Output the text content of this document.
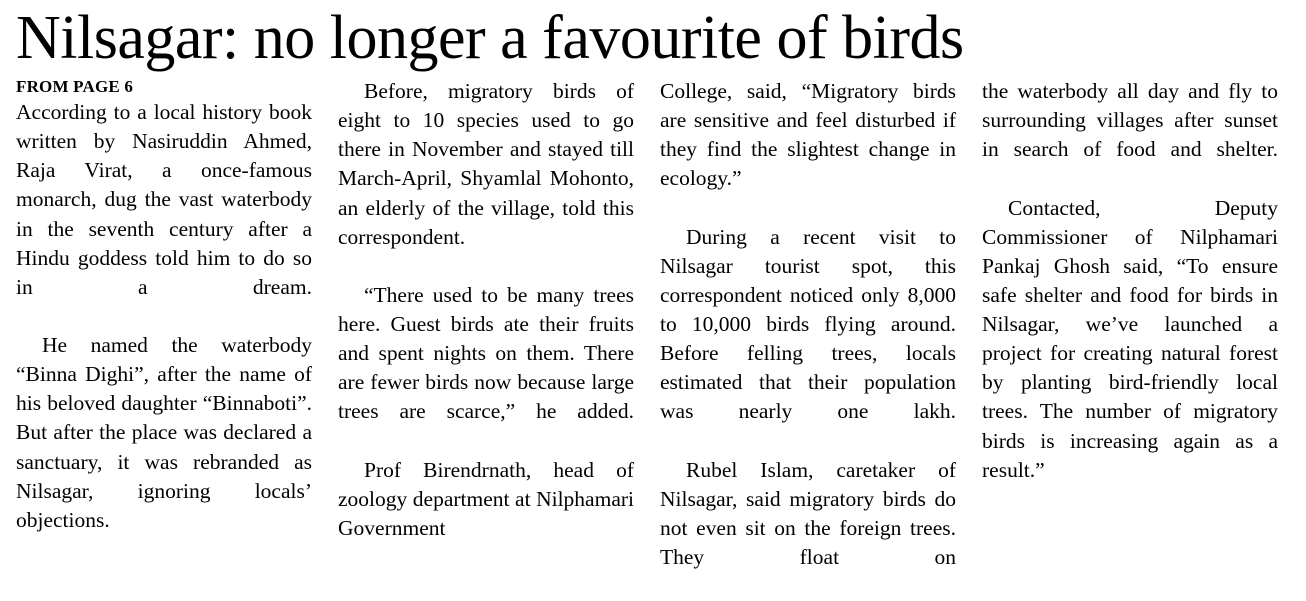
Nilsagar: no longer a favourite of birds
FROM PAGE 6

According to a local history book written by Nasiruddin Ahmed, Raja Virat, a once-famous monarch, dug the vast waterbody in the seventh century after a Hindu goddess told him to do so in a dream.

He named the waterbody “Binna Dighi”, after the name of his beloved daughter “Binnaboti”. But after the place was declared a sanctuary, it was rebranded as Nilsagar, ignoring locals’ objections.

Before, migratory birds of eight to 10 species used to go there in November and stayed till March-April, Shyamlal Mohonto, an elderly of the village, told this correspondent.

“There used to be many trees here. Guest birds ate their fruits and spent nights on them. There are fewer birds now because large trees are scarce,” he added.

Prof Birendrnath, head of zoology department at Nilphamari Government

College, said, “Migratory birds are sensitive and feel disturbed if they find the slightest change in ecology.”

During a recent visit to Nilsagar tourist spot, this correspondent noticed only 8,000 to 10,000 birds flying around. Before felling trees, locals estimated that their population was nearly one lakh.

Rubel Islam, caretaker of Nilsagar, said migratory birds do not even sit on the foreign trees. They float on

the waterbody all day and fly to surrounding villages after sunset in search of food and shelter.

Contacted, Deputy Commissioner of Nilphamari Pankaj Ghosh said, “To ensure safe shelter and food for birds in Nilsagar, we’ve launched a project for creating natural forest by planting bird-friendly local trees. The number of migratory birds is increasing again as a result.”
